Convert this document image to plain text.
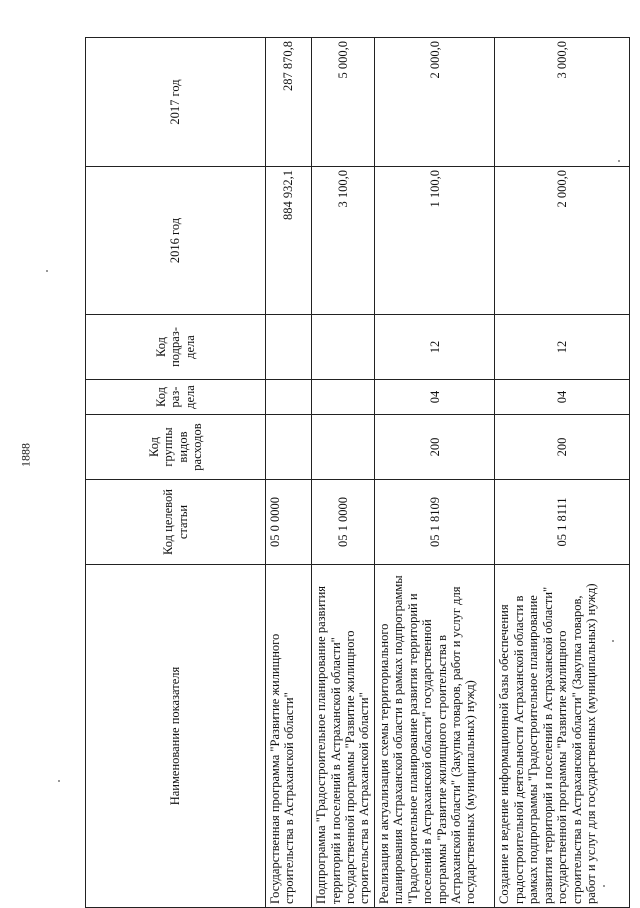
1888
Наименование показателя	Код целевой статьи	Код группы видов расходов	Код раз-дела	Код подраз-дела	2016 год	2017 год
Государственная программа "Развитие жилищного строительства в Астраханской области"	05 0 0000				884 932,1	287 870,8
Подпрограмма "Градостроительное планирование развития территорий и поселений в Астраханской области" государственной программы "Развитие жилищного строительства в Астраханской области"	05 1 0000				3 100,0	5 000,0
Реализация и актуализация схемы территориального планирования Астраханской области в рамках подпрограммы "Градостроительное планирование развития территорий и поселений в Астраханской области" государственной программы "Развитие жилищного строительства в Астраханской области" (Закупка товаров, работ и услуг для государственных (муниципальных) нужд)	05 1 8109	200	04	12	1 100,0	2 000,0
Создание и ведение информационной базы обеспечения градостроительной деятельности Астраханской области в рамках подпрограммы "Градостроительное планирование развития территорий и поселений в Астраханской области" государственной программы "Развитие жилищного строительства в Астраханской области" (Закупка товаров, работ и услуг для государственных (муниципальных) нужд)	05 1 8111	200	04	12	2 000,0	3 000,0
